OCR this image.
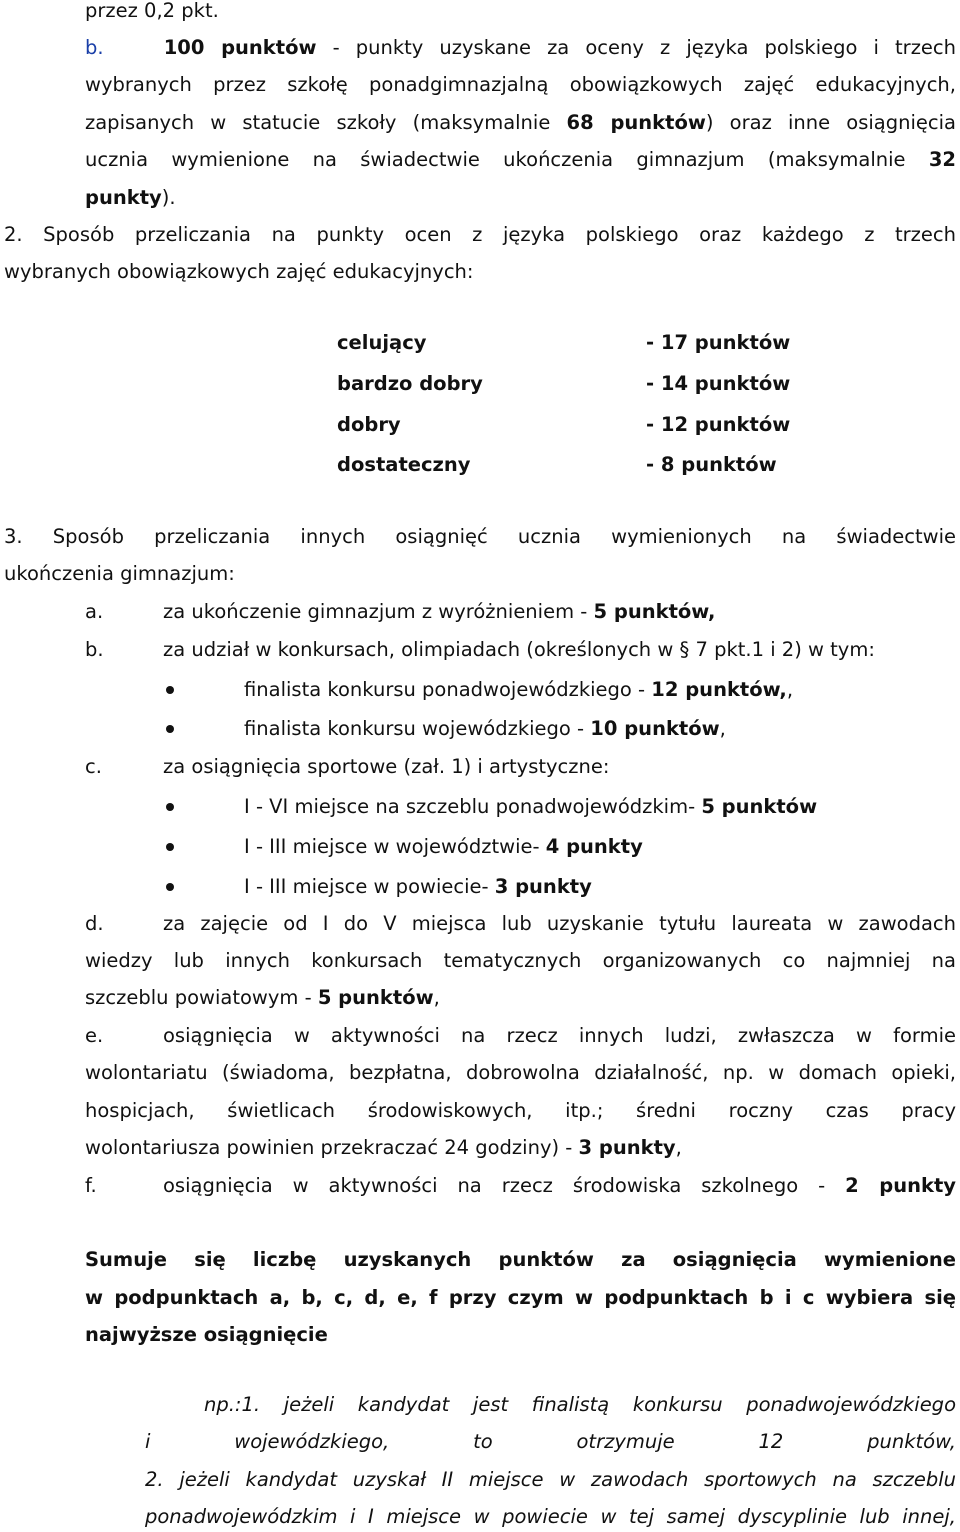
przez 0,2 pkt.
b.	100 punktów - punkty uzyskane za oceny z języka polskiego i trzech
wybranych przez szkołę ponadgimnazjalną obowiązkowych zajęć edukacyjnych,
zapisanych w statucie szkoły (maksymalnie 68 punktów) oraz inne osiągnięcia
ucznia wymienione na świadectwie ukończenia gimnazjum (maksymalnie 32
punkty).
2. Sposób przeliczania na punkty ocen z języka polskiego oraz każdego z trzech
wybranych obowiązkowych zajęć edukacyjnych:
celujący	- 17 punktów
bardzo dobry	- 14 punktów
dobry	- 12 punktów
dostateczny	- 8 punktów
3. Sposób przeliczania innych osiągnięć ucznia wymienionych na świadectwie
ukończenia gimnazjum:
a.	za ukończenie gimnazjum z wyróżnieniem - 5 punktów,
b.	za udział w konkursach, olimpiadach (określonych w § 7 pkt.1 i 2) w tym:
finalista konkursu ponadwojewódzkiego - 12 punktów,,
finalista konkursu wojewódzkiego - 10 punktów,
c.	za osiągnięcia sportowe (zał. 1) i artystyczne:
I - VI miejsce na szczeblu ponadwojewódzkim- 5 punktów
I - III miejsce w województwie- 4 punkty
I - III miejsce w powiecie- 3 punkty
d.	za zajęcie od I do V miejsca lub uzyskanie tytułu laureata w zawodach
wiedzy lub innych konkursach tematycznych organizowanych co najmniej na
szczeblu powiatowym - 5 punktów,
e.	osiągnięcia w aktywności na rzecz innych ludzi, zwłaszcza w formie
wolontariatu (świadoma, bezpłatna, dobrowolna działalność, np. w domach opieki,
hospicjach, świetlicach środowiskowych, itp.; średni roczny czas pracy
wolontariusza powinien przekraczać 24 godziny) - 3 punkty,
f.	osiągnięcia w aktywności na rzecz środowiska szkolnego - 2 punkty
Sumuje się liczbę uzyskanych punktów za osiągnięcia wymienione
w podpunktach a, b, c, d, e, f przy czym w podpunktach b i c wybiera się
najwyższe osiągnięcie
np.:1. jeżeli kandydat jest finalistą konkursu ponadwojewódzkiego
i wojewódzkiego, to otrzymuje 12 punktów,
2. jeżeli kandydat uzyskał II miejsce w zawodach sportowych na szczeblu
ponadwojewódzkim i I miejsce w powiecie w tej samej dyscyplinie lub innej,
